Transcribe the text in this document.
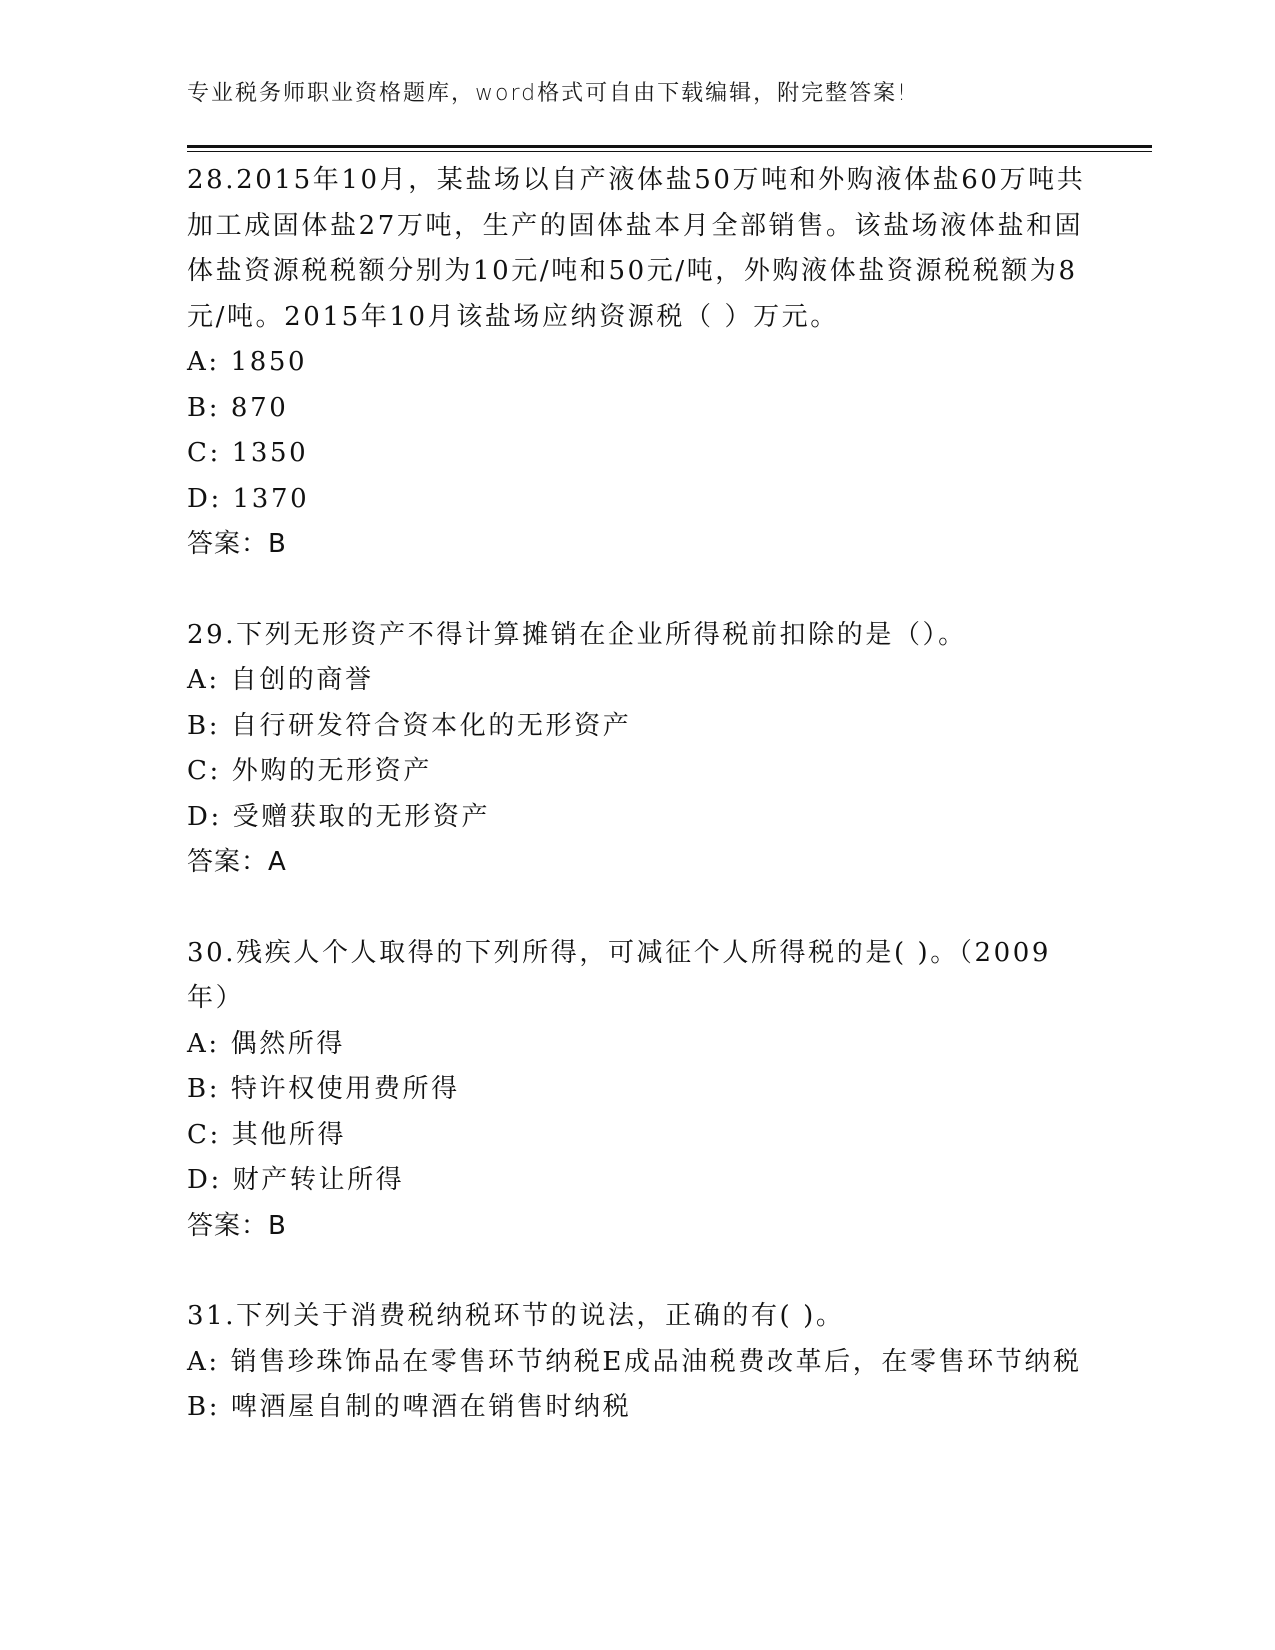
专业税务师职业资格题库，word格式可自由下载编辑，附完整答案!

28.2015年10月，某盐场以自产液体盐50万吨和外购液体盐60万吨共加工成固体盐27万吨，生产的固体盐本月全部销售。该盐场液体盐和固体盐资源税税额分别为10元/吨和50元/吨，外购液体盐资源税税额为8元/吨。2015年10月该盐场应纳资源税（ ）万元。

A: 1850

B: 870

C: 1350

D: 1370

答案：B

29.下列无形资产不得计算摊销在企业所得税前扣除的是（）。

A: 自创的商誉

B: 自行研发符合资本化的无形资产

C: 外购的无形资产

D: 受赠获取的无形资产

答案：A

30.残疾人个人取得的下列所得，可减征个人所得税的是( )。（2009年）

A: 偶然所得

B: 特许权使用费所得

C: 其他所得

D: 财产转让所得

答案：B

31.下列关于消费税纳税环节的说法，正确的有( )。

A: 销售珍珠饰品在零售环节纳税E成品油税费改革后，在零售环节纳税

B: 啤酒屋自制的啤酒在销售时纳税
